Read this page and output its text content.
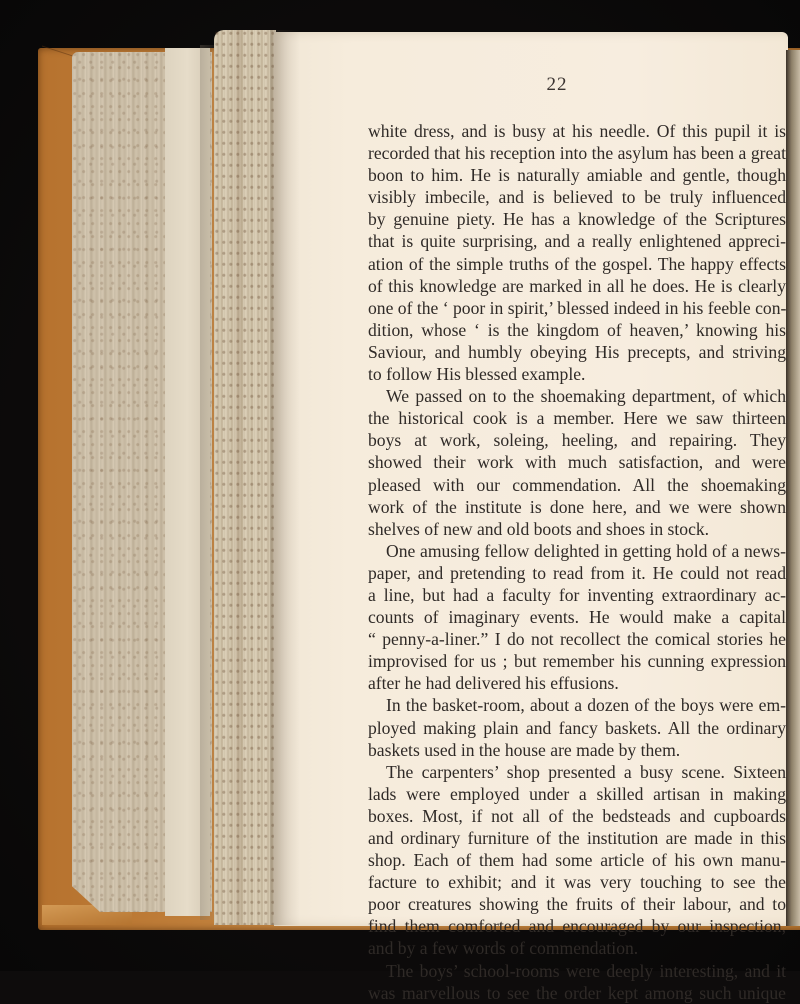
22
white dress, and is busy at his needle. Of this pupil it is
recorded that his reception into the asylum has been a great
boon to him. He is naturally amiable and gentle, though
visibly imbecile, and is believed to be truly influenced
by genuine piety. He has a knowledge of the Scriptures
that is quite surprising, and a really enlightened appreci-
ation of the simple truths of the gospel. The happy effects
of this knowledge are marked in all he does. He is clearly
one of the ‘ poor in spirit,’ blessed indeed in his feeble con-
dition, whose ‘ is the kingdom of heaven,’ knowing his
Saviour, and humbly obeying His precepts, and striving
to follow His blessed example.
We passed on to the shoemaking department, of which
the historical cook is a member. Here we saw thirteen
boys at work, soleing, heeling, and repairing. They
showed their work with much satisfaction, and were
pleased with our commendation. All the shoemaking
work of the institute is done here, and we were shown
shelves of new and old boots and shoes in stock.
One amusing fellow delighted in getting hold of a news-
paper, and pretending to read from it. He could not read
a line, but had a faculty for inventing extraordinary ac-
counts of imaginary events. He would make a capital
“ penny-a-liner.” I do not recollect the comical stories he
improvised for us ; but remember his cunning expression
after he had delivered his effusions.
In the basket-room, about a dozen of the boys were em-
ployed making plain and fancy baskets. All the ordinary
baskets used in the house are made by them.
The carpenters’ shop presented a busy scene. Sixteen
lads were employed under a skilled artisan in making
boxes. Most, if not all of the bedsteads and cupboards
and ordinary furniture of the institution are made in this
shop. Each of them had some article of his own manu-
facture to exhibit; and it was very touching to see the
poor creatures showing the fruits of their labour, and to
find them comforted and encouraged by our inspection,
and by a few words of commendation.
The boys’ school-rooms were deeply interesting, and it
was marvellous to see the order kept among such unique
